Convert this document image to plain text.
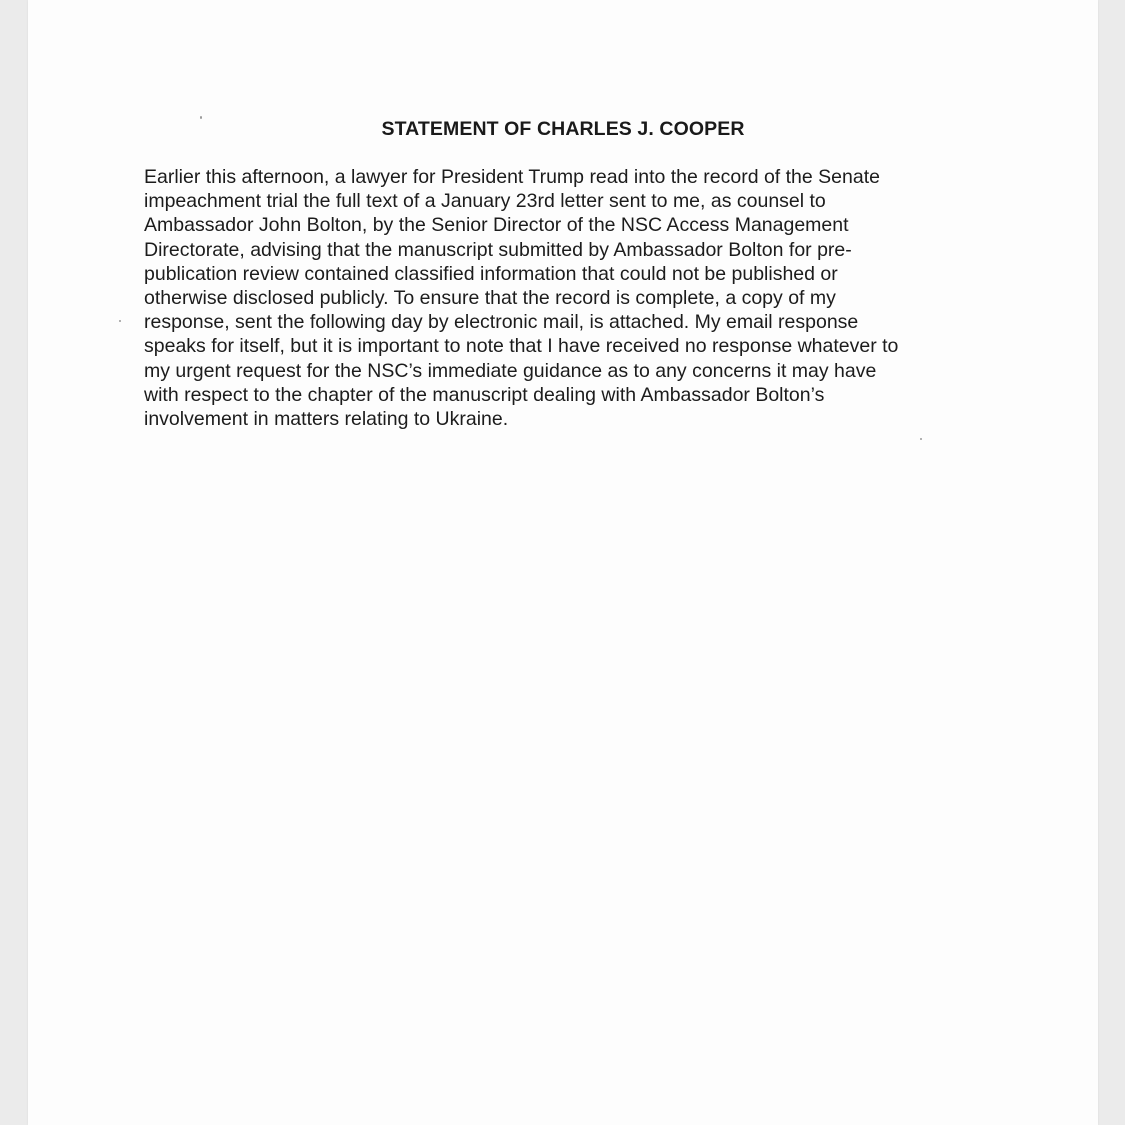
STATEMENT OF CHARLES J. COOPER

Earlier this afternoon, a lawyer for President Trump read into the record of the Senate
impeachment trial the full text of a January 23rd letter sent to me, as counsel to
Ambassador John Bolton, by the Senior Director of the NSC Access Management
Directorate, advising that the manuscript submitted by Ambassador Bolton for pre-
publication review contained classified information that could not be published or
otherwise disclosed publicly. To ensure that the record is complete, a copy of my
response, sent the following day by electronic mail, is attached. My email response
speaks for itself, but it is important to note that I have received no response whatever to
my urgent request for the NSC’s immediate guidance as to any concerns it may have
with respect to the chapter of the manuscript dealing with Ambassador Bolton’s
involvement in matters relating to Ukraine.
